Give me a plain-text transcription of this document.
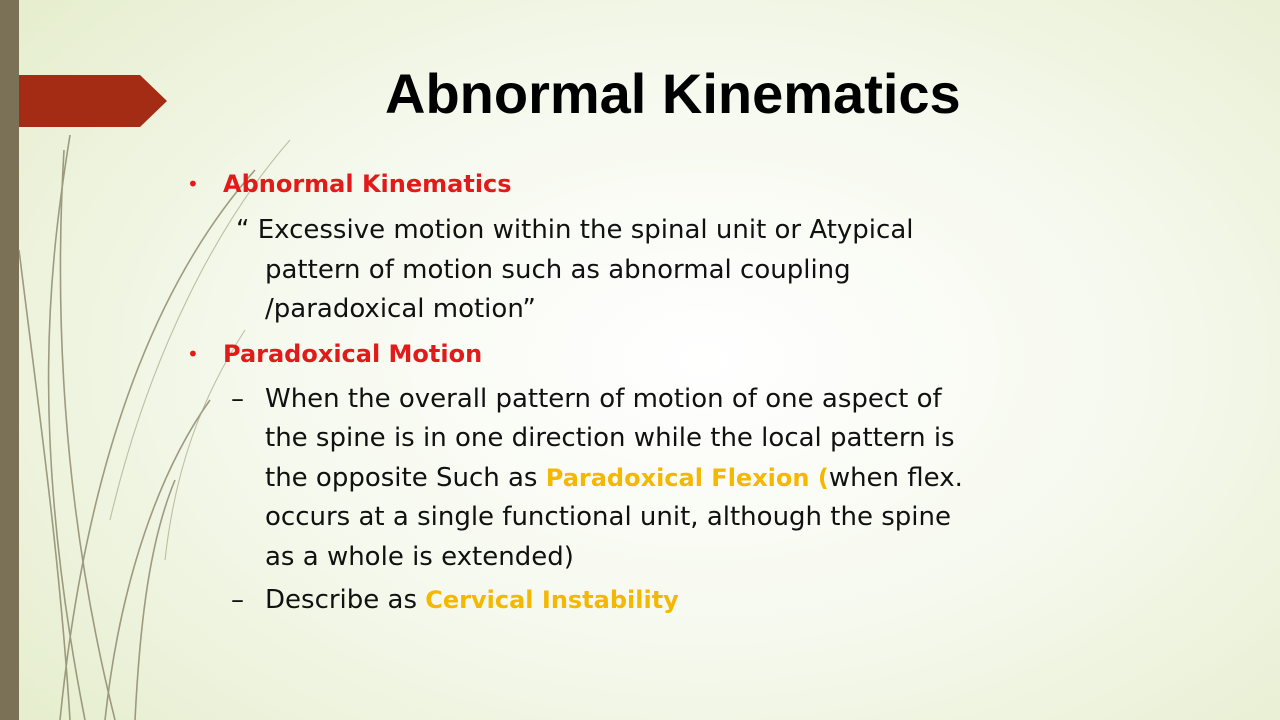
Abnormal Kinematics
• Abnormal Kinematics
“ Excessive motion within the spinal unit or Atypical
pattern of motion such as abnormal coupling
/paradoxical motion”
• Paradoxical Motion
– When the overall pattern of motion of one aspect of
the spine is in one direction while the local pattern is
the opposite Such as Paradoxical Flexion (when flex.
occurs at a single functional unit, although the spine
as a whole is extended)
– Describe as Cervical Instability
